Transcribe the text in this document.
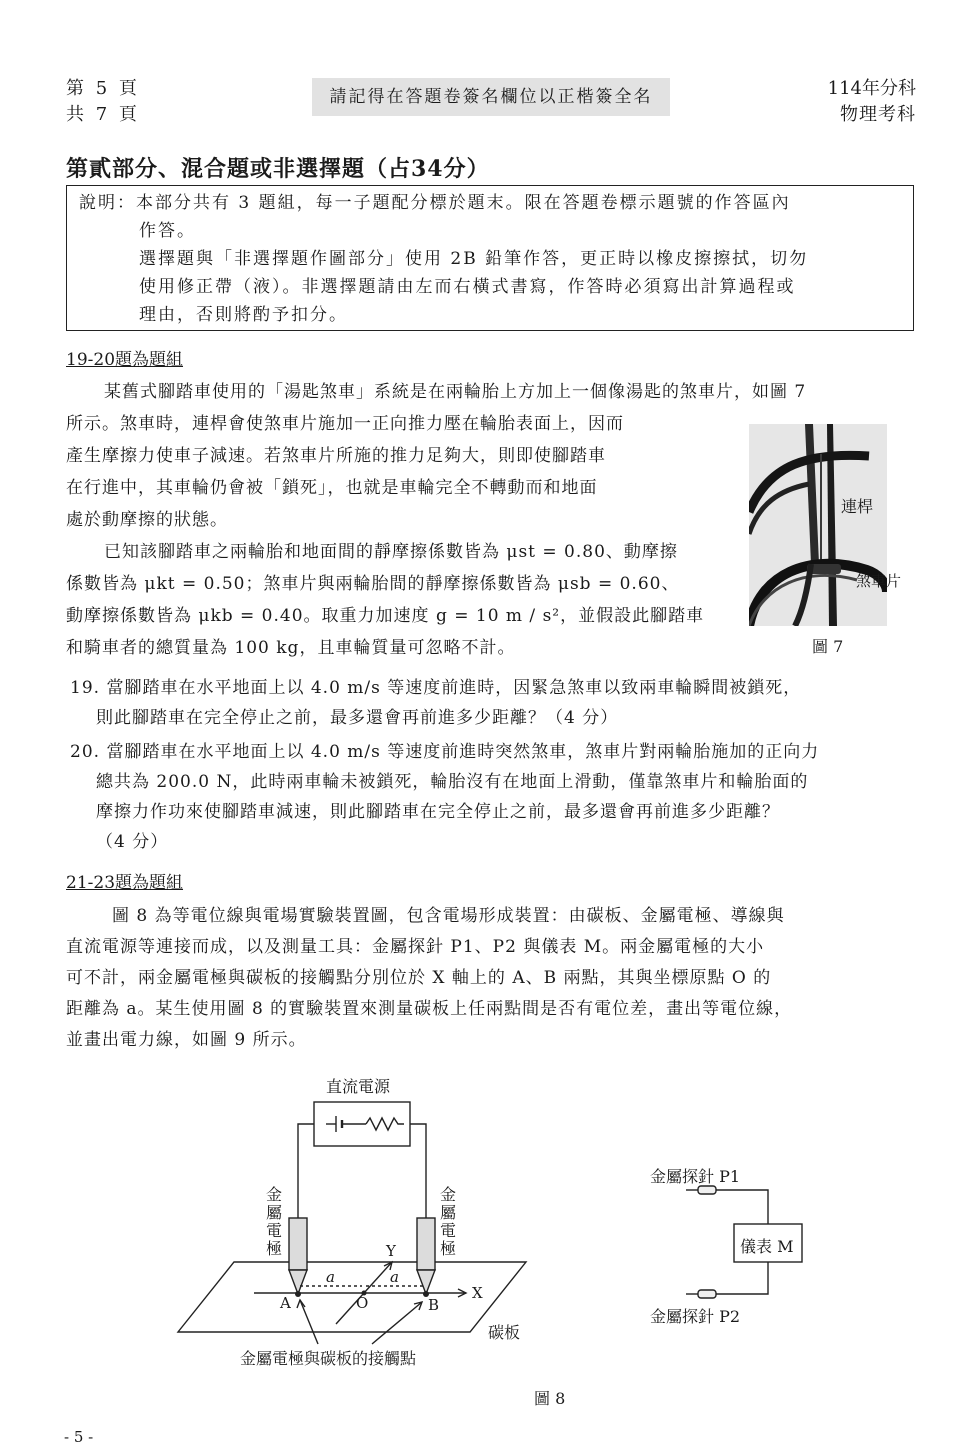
第 5 頁
共 7 頁
請記得在答題卷簽名欄位以正楷簽全名	114年分科
物理考科
第貳部分、混合題或非選擇題（占34分）
說明：本部分共有 3 題組，每一子題配分標於題末。限在答題卷標示題號的作答區內
作答。
選擇題與「非選擇題作圖部分」使用 2B 鉛筆作答，更正時以橡皮擦擦拭，切勿
使用修正帶（液）。非選擇題請由左而右橫式書寫，作答時必須寫出計算過程或
理由，否則將酌予扣分。
19-20題為題組
某舊式腳踏車使用的「湯匙煞車」系統是在兩輪胎上方加上一個像湯匙的煞車片，如圖 7
所示。煞車時，連桿會使煞車片施加一正向推力壓在輪胎表面上，因而
產生摩擦力使車子減速。若煞車片所施的推力足夠大，則即使腳踏車
在行進中，其車輪仍會被「鎖死」，也就是車輪完全不轉動而和地面
處於動摩擦的狀態。
已知該腳踏車之兩輪胎和地面間的靜摩擦係數皆為 μst = 0.80、動摩擦
係數皆為 μkt = 0.50；煞車片與兩輪胎間的靜摩擦係數皆為 μsb = 0.60、
動摩擦係數皆為 μkb = 0.40。取重力加速度 g = 10 m / s²，並假設此腳踏車
和騎車者的總質量為 100 kg，且車輪質量可忽略不計。
連桿
煞車片
圖 7
19. 當腳踏車在水平地面上以 4.0 m/s 等速度前進時，因緊急煞車以致兩車輪瞬間被鎖死，
則此腳踏車在完全停止之前，最多還會再前進多少距離？（4 分）
20. 當腳踏車在水平地面上以 4.0 m/s 等速度前進時突然煞車，煞車片對兩輪胎施加的正向力
總共為 200.0 N，此時兩車輪未被鎖死，輪胎沒有在地面上滑動，僅靠煞車片和輪胎面的
摩擦力作功來使腳踏車減速，則此腳踏車在完全停止之前，最多還會再前進多少距離？
（4 分）
21-23題為題組
圖 8 為等電位線與電場實驗裝置圖，包含電場形成裝置：由碳板、金屬電極、導線與
直流電源等連接而成，以及測量工具：金屬探針 P1、P2 與儀表 M。兩金屬電極的大小
可不計，兩金屬電極與碳板的接觸點分別位於 X 軸上的 A、B 兩點，其與坐標原點 O 的
距離為 a。某生使用圖 8 的實驗裝置來測量碳板上任兩點間是否有電位差，畫出等電位線，
並畫出電力線，如圖 9 所示。
直流電源
金屬電極
金屬電極
Y
X
a	a
A	O	B
碳板
金屬電極與碳板的接觸點
金屬探針 P1
儀表 M
金屬探針 P2
圖 8
- 5 -
